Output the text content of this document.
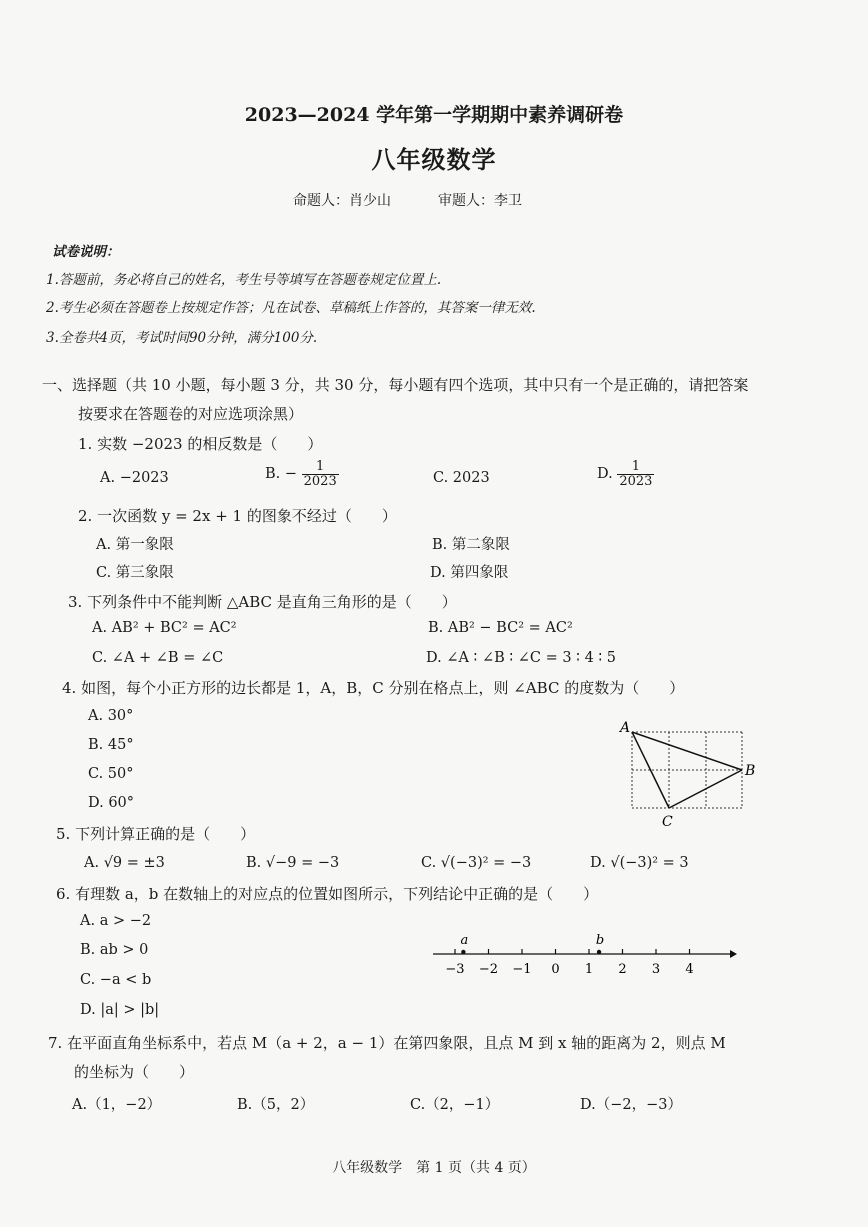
2023—2024 学年第一学期期中素养调研卷
八年级数学
命题人：肖少山	审题人：李卫
试卷说明：
1.答题前，务必将自己的姓名，考生号等填写在答题卷规定位置上.
2.考生必须在答题卷上按规定作答；凡在试卷、草稿纸上作答的，其答案一律无效.
3.全卷共4页，考试时间90分钟，满分100分.
一、选择题（共 10 小题，每小题 3 分，共 30 分，每小题有四个选项，其中只有一个是正确的，请把答案
按要求在答题卷的对应选项涂黑）
1. 实数 −2023 的相反数是（　　）
A. −2023	B. − $\frac{1}{2023}$	C. 2023	D. $\frac{1}{2023}$
2. 一次函数 y = 2x + 1 的图象不经过（　　）
A. 第一象限	B. 第二象限
C. 第三象限	D. 第四象限
3. 下列条件中不能判断 △ABC 是直角三角形的是（　　）
A. AB² + BC² = AC²	B. AB² − BC² = AC²
C. ∠A + ∠B = ∠C	D. ∠A ∶ ∠B ∶ ∠C = 3 ∶ 4 ∶ 5
4. 如图，每个小正方形的边长都是 1，A，B，C 分别在格点上，则 ∠ABC 的度数为（　　）
A. 30°
B. 45°
C. 50°
D. 60°
A
B
C
5. 下列计算正确的是（　　）
A. √9 = ±3	B. √−9 = −3	C. √(−3)² = −3	D. √(−3)² = 3
6. 有理数 a，b 在数轴上的对应点的位置如图所示，下列结论中正确的是（　　）
A. a > −2
B. ab > 0
C. −a < b
D. |a| > |b|
−3 −2 −1 0 1 2 3 4
a	b
7. 在平面直角坐标系中，若点 M（a + 2，a − 1）在第四象限，且点 M 到 x 轴的距离为 2，则点 M
的坐标为（　　）
A.（1，−2）	B.（5，2）	C.（2，−1）	D.（−2，−3）
八年级数学　第 1 页（共 4 页）
